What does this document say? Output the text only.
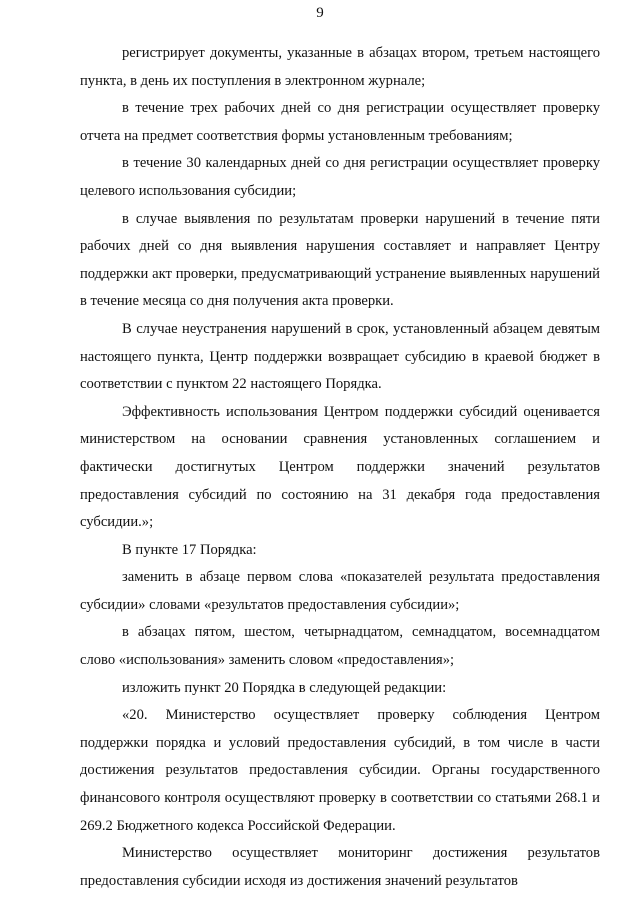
9

регистрирует документы, указанные в абзацах втором, третьем настоящего пункта, в день их поступления в электронном журнале;

в течение трех рабочих дней со дня регистрации осуществляет проверку отчета на предмет соответствия формы установленным требованиям;

в течение 30 календарных дней со дня регистрации осуществляет проверку целевого использования субсидии;

в случае выявления по результатам проверки нарушений в течение пяти рабочих дней со дня выявления нарушения составляет и направляет Центру поддержки акт проверки, предусматривающий устранение выявленных нарушений в течение месяца со дня получения акта проверки.

В случае неустранения нарушений в срок, установленный абзацем девятым настоящего пункта, Центр поддержки возвращает субсидию в краевой бюджет в соответствии с пунктом 22 настоящего Порядка.

Эффективность использования Центром поддержки субсидий оценивается министерством на основании сравнения установленных соглашением и фактически достигнутых Центром поддержки значений результатов предоставления субсидий по состоянию на 31 декабря года предоставления субсидии.»;

В пункте 17 Порядка:

заменить в абзаце первом слова «показателей результата предоставления субсидии» словами «результатов предоставления субсидии»;

в абзацах пятом, шестом, четырнадцатом, семнадцатом, восемнадцатом слово «использования» заменить словом «предоставления»;

изложить пункт 20 Порядка в следующей редакции:

«20. Министерство осуществляет проверку соблюдения Центром поддержки порядка и условий предоставления субсидий, в том числе в части достижения результатов предоставления субсидии. Органы государственного финансового контроля осуществляют проверку в соответствии со статьями 268.1 и 269.2 Бюджетного кодекса Российской Федерации.

Министерство осуществляет мониторинг достижения результатов предоставления субсидии исходя из достижения значений результатов
